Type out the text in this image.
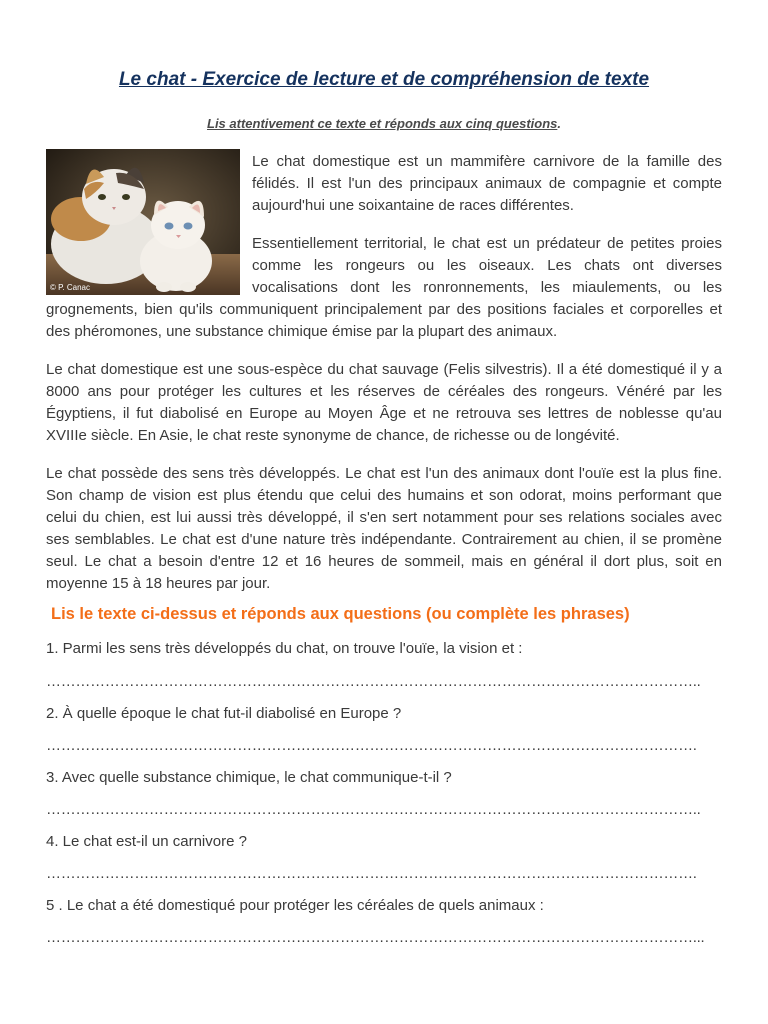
Le chat - Exercice de lecture et de compréhension de texte
Lis attentivement ce texte et réponds aux cinq questions.
© P. Canac

Le chat domestique est un mammifère carnivore de la famille des félidés. Il est l'un des principaux animaux de compagnie et compte aujourd'hui une soixantaine de races différentes.

Essentiellement territorial, le chat est un prédateur de petites proies comme les rongeurs ou les oiseaux. Les chats ont diverses vocalisations dont les ronronnements, les miaulements, ou les grognements, bien qu'ils communiquent principalement par des positions faciales et corporelles et des phéromones, une substance chimique émise par la plupart des animaux.

Le chat domestique est une sous-espèce du chat sauvage (Felis silvestris). Il a été domestiqué il y a 8000 ans pour protéger les cultures et les réserves de céréales des rongeurs. Vénéré par les Égyptiens, il fut diabolisé en Europe au Moyen Âge et ne retrouva ses lettres de noblesse qu'au XVIIIe siècle. En Asie, le chat reste synonyme de chance, de richesse ou de longévité.

Le chat possède des sens très développés. Le chat est l'un des animaux dont l'ouïe est la plus fine. Son champ de vision est plus étendu que celui des humains et son odorat, moins performant que celui du chien, est lui aussi très développé, il s'en sert notamment pour ses relations sociales avec ses semblables. Le chat est d'une nature très indépendante. Contrairement au chien, il se promène seul. Le chat a besoin d'entre 12 et 16 heures de sommeil, mais en général il dort plus, soit en moyenne 15 à 18 heures par jour.

Lis le texte ci-dessus et réponds aux questions (ou complète les phrases)
1. Parmi les sens très développés du chat, on trouve l'ouïe, la vision et :
……………………………………………………………………………………………………………………..
2. À quelle époque le chat fut-il diabolisé en Europe ?
…………………………………………………………………………………………………………………….
3. Avec quelle substance chimique, le chat communique-t-il ?
……………………………………………………………………………………………………………………..
4. Le chat est-il un carnivore ?
…………………………………………………………………………………………………………………….
5 . Le chat a été domestiqué pour protéger les céréales de quels animaux :
……………………………………………………………………………………………………………………...
